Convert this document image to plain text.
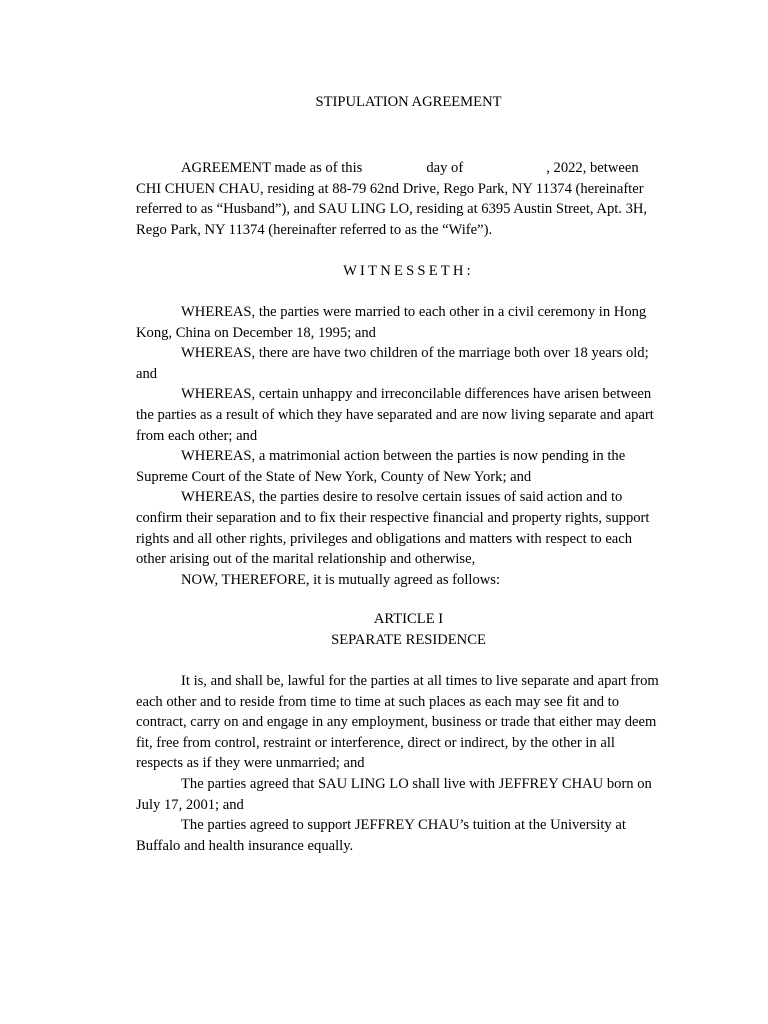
STIPULATION AGREEMENT
AGREEMENT made as of this	day of	, 2022, between
CHI CHUEN CHAU, residing at 88-79 62nd Drive, Rego Park, NY 11374 (hereinafter
referred to as “Husband”), and SAU LING LO, residing at 6395 Austin Street, Apt. 3H,
Rego Park, NY 11374 (hereinafter referred to as the “Wife”).
WITNESSETH:
WHEREAS, the parties were married to each other in a civil ceremony in Hong
Kong, China on December 18, 1995; and
WHEREAS, there are have two children of the marriage both over 18 years old;
and
WHEREAS, certain unhappy and irreconcilable differences have arisen between
the parties as a result of which they have separated and are now living separate and apart
from each other; and
WHEREAS, a matrimonial action between the parties is now pending in the
Supreme Court of the State of New York, County of New York; and
WHEREAS, the parties desire to resolve certain issues of said action and to
confirm their separation and to fix their respective financial and property rights, support
rights and all other rights, privileges and obligations and matters with respect to each
other arising out of the marital relationship and otherwise,
NOW, THEREFORE, it is mutually agreed as follows:
ARTICLE I
SEPARATE RESIDENCE
It is, and shall be, lawful for the parties at all times to live separate and apart from
each other and to reside from time to time at such places as each may see fit and to
contract, carry on and engage in any employment, business or trade that either may deem
fit, free from control, restraint or interference, direct or indirect, by the other in all
respects as if they were unmarried; and
The parties agreed that SAU LING LO shall live with JEFFREY CHAU born on
July 17, 2001; and
The parties agreed to support JEFFREY CHAU’s tuition at the University at
Buffalo and health insurance equally.
